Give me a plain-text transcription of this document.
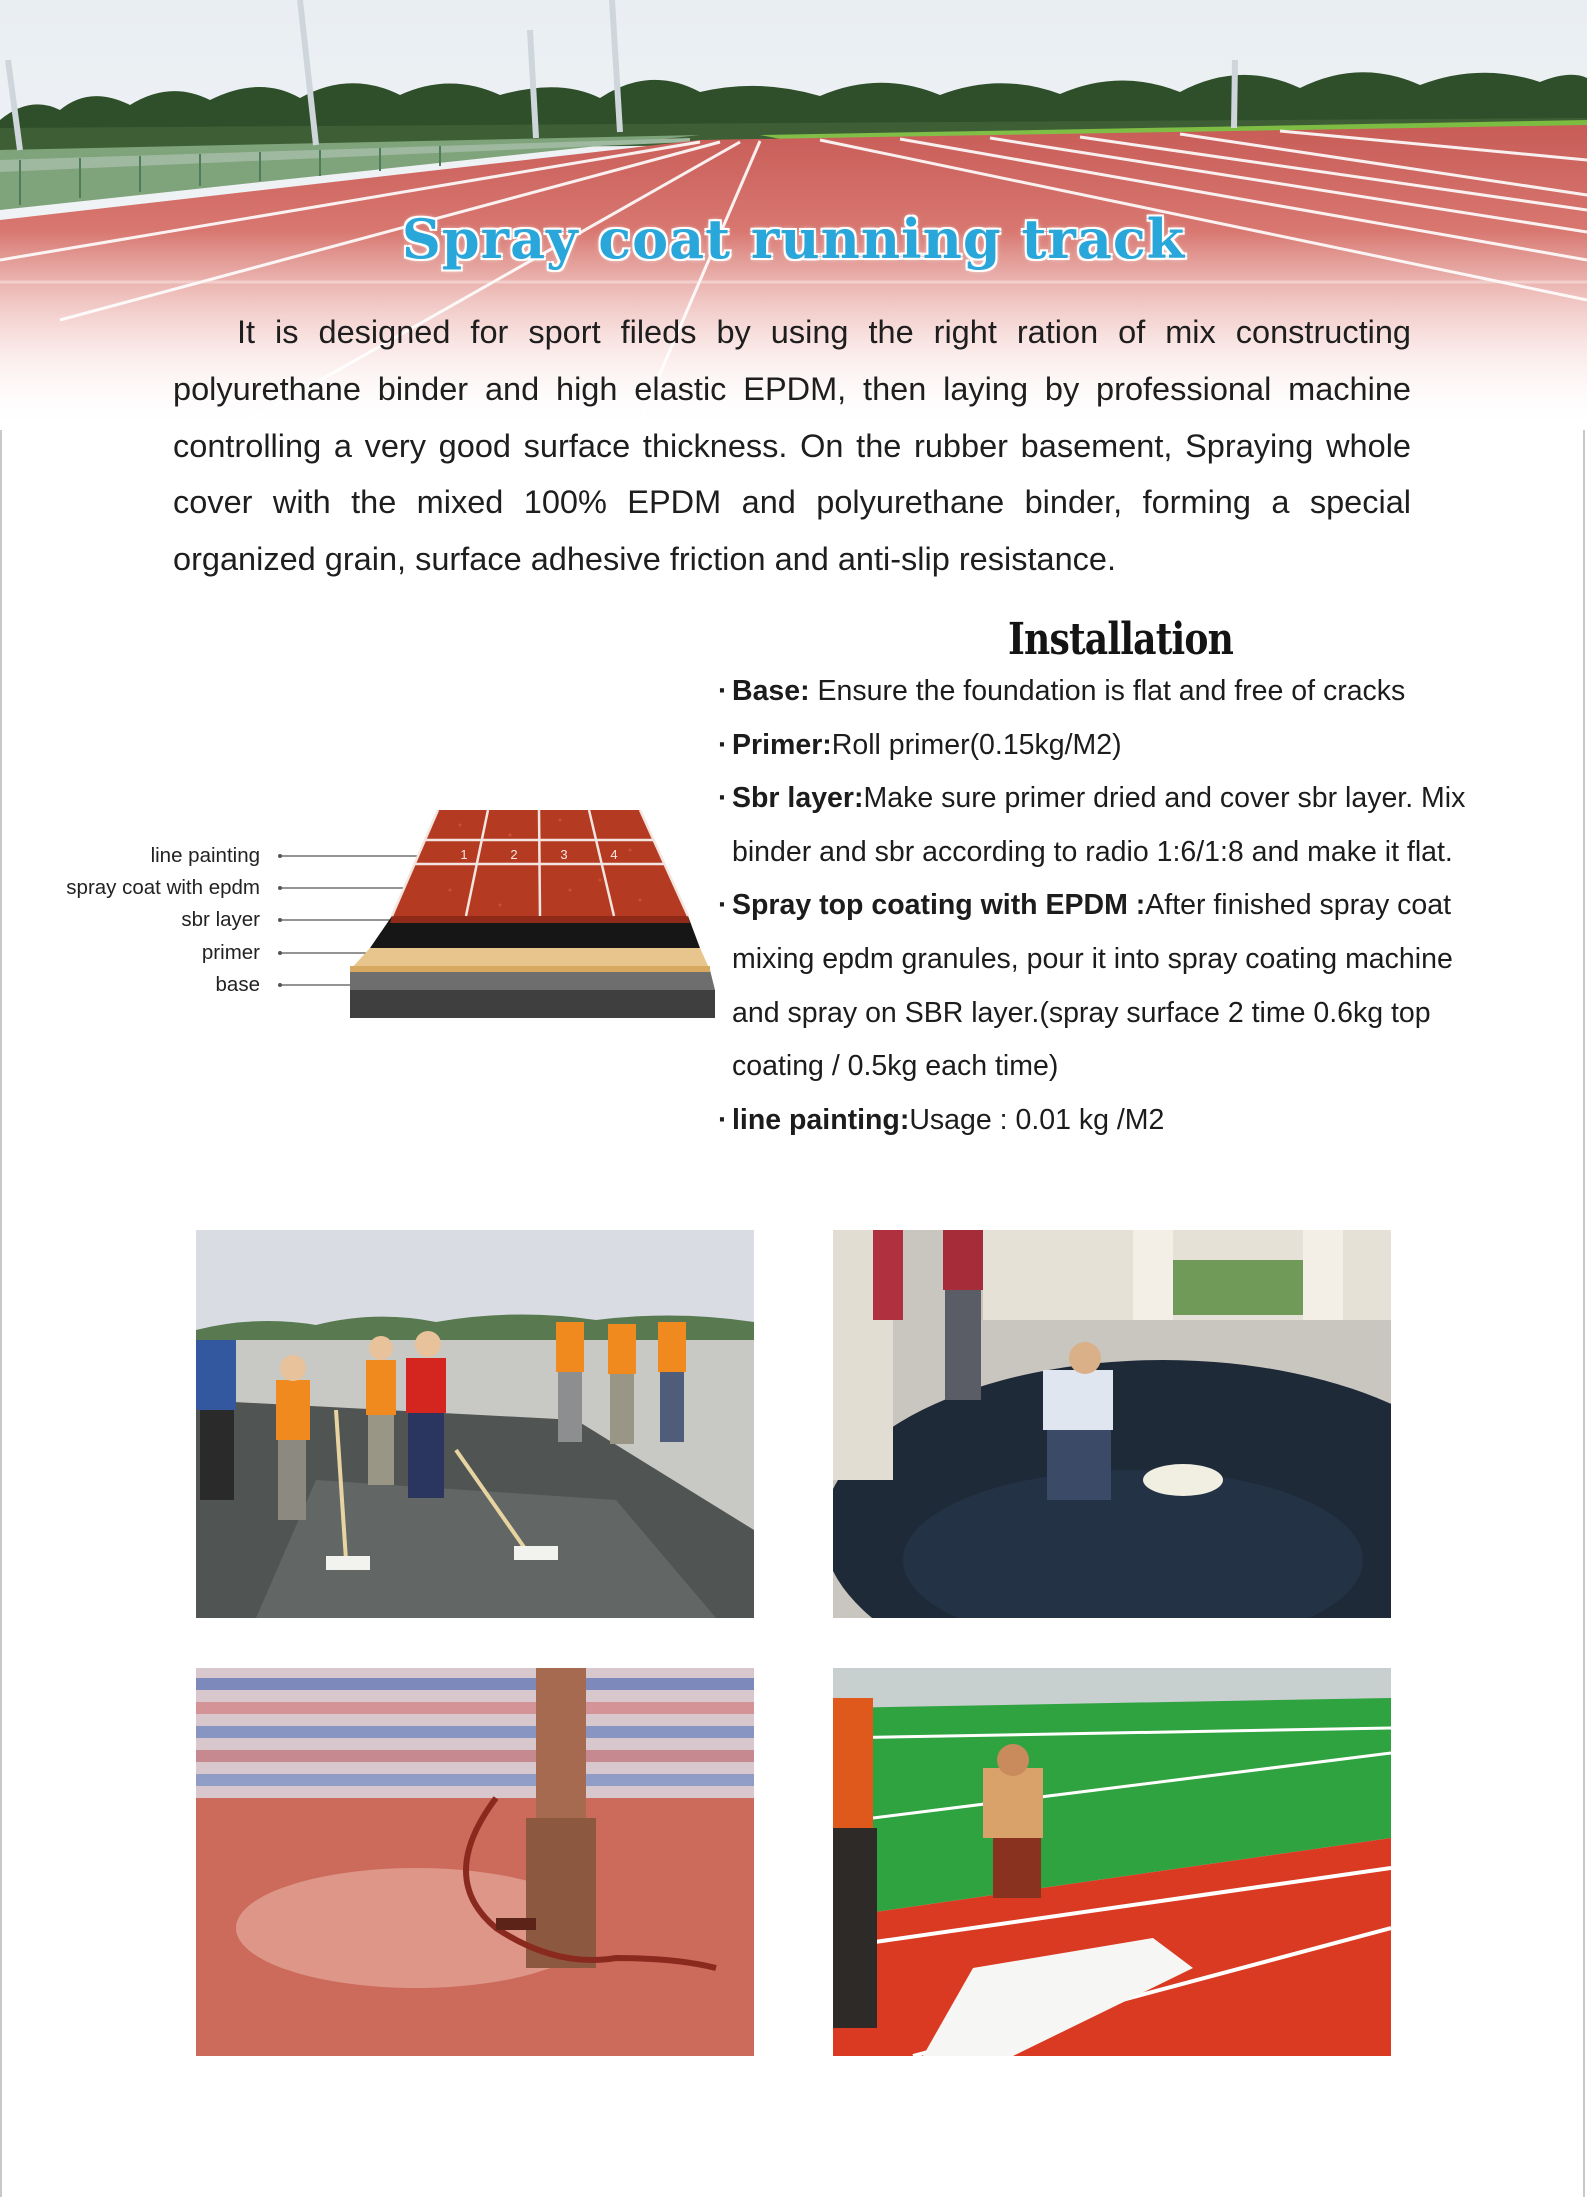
Spray coat running track

It is designed for sport fileds by using the right ration of mix constructing polyurethane binder and high elastic EPDM, then laying by professional machine controlling a very good surface thickness. On the rubber basement, Spraying whole cover with the mixed 100% EPDM and polyurethane binder, forming a special organized grain, surface adhesive friction and anti-slip resistance.

Installation
· Base: Ensure the foundation is flat and free of cracks
· Primer:Roll primer(0.15kg/M2)
· Sbr layer:Make sure primer dried and cover sbr layer. Mix binder and sbr according to radio 1:6/1:8 and make it flat.
· Spray top coating with EPDM :After finished spray coat mixing epdm granules, pour it into spray coating machine and spray on SBR layer.(spray surface 2 time 0.6kg top coating / 0.5kg each time)
· line painting:Usage : 0.01 kg /M2
line painting
spray coat with epdm
sbr layer
primer
base
1	2	3	4
